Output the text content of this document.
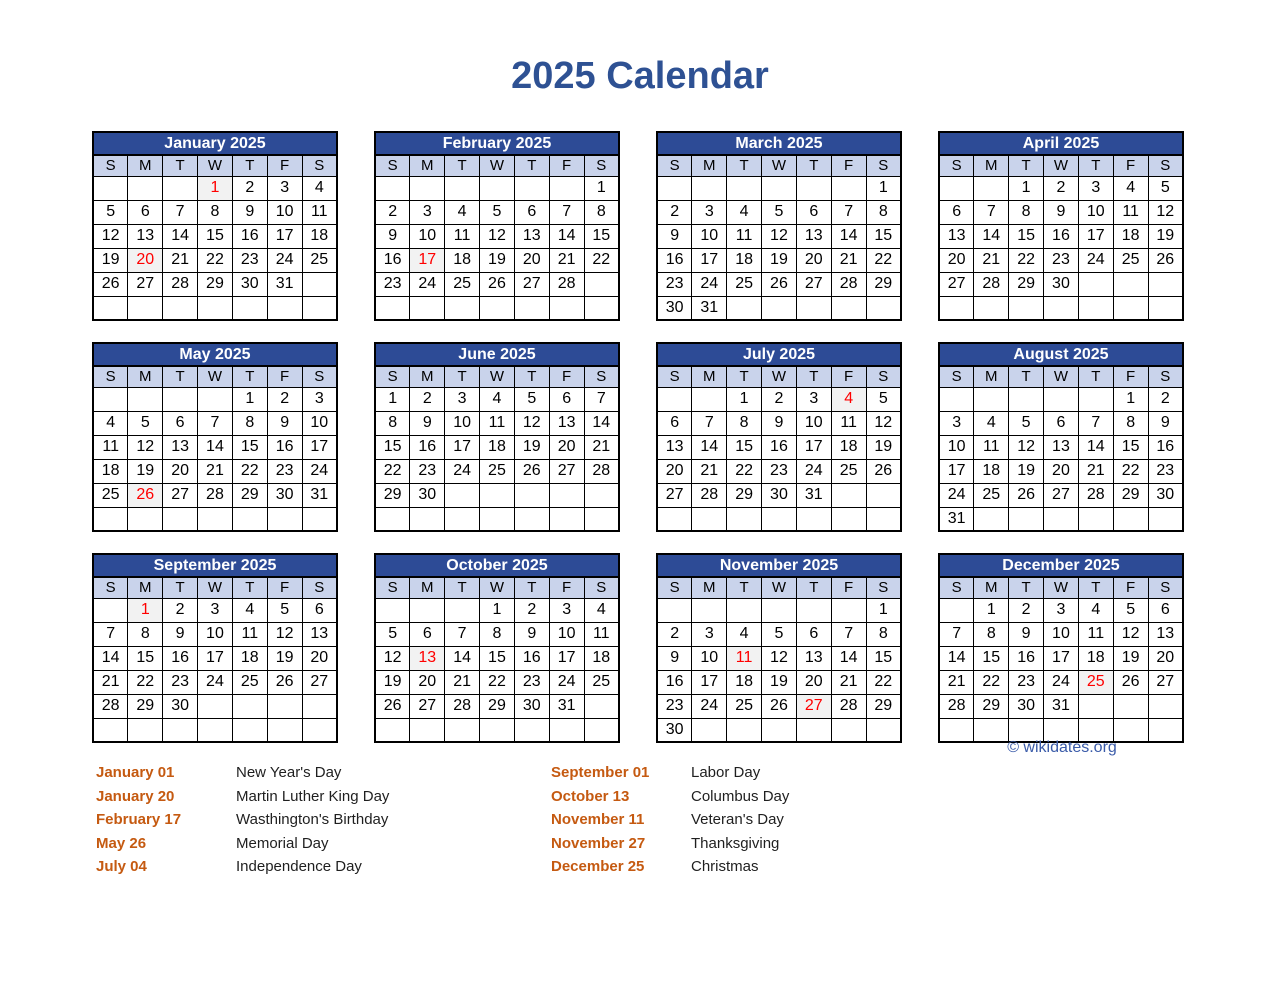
2025 Calendar
January 2025						
S	M	T	W	T	F	S
			1	2	3	4
5	6	7	8	9	10	11
12	13	14	15	16	17	18
19	20	21	22	23	24	25
26	27	28	29	30	31	

February 2025						
S	M	T	W	T	F	S
						1
2	3	4	5	6	7	8
9	10	11	12	13	14	15
16	17	18	19	20	21	22
23	24	25	26	27	28	

March 2025						
S	M	T	W	T	F	S
						1
2	3	4	5	6	7	8
9	10	11	12	13	14	15
16	17	18	19	20	21	22
23	24	25	26	27	28	29
30	31					
April 2025						
S	M	T	W	T	F	S
		1	2	3	4	5
6	7	8	9	10	11	12
13	14	15	16	17	18	19
20	21	22	23	24	25	26
27	28	29	30			

May 2025						
S	M	T	W	T	F	S
				1	2	3
4	5	6	7	8	9	10
11	12	13	14	15	16	17
18	19	20	21	22	23	24
25	26	27	28	29	30	31

June 2025						
S	M	T	W	T	F	S
1	2	3	4	5	6	7
8	9	10	11	12	13	14
15	16	17	18	19	20	21
22	23	24	25	26	27	28
29	30					

July 2025						
S	M	T	W	T	F	S
		1	2	3	4	5
6	7	8	9	10	11	12
13	14	15	16	17	18	19
20	21	22	23	24	25	26
27	28	29	30	31		

August 2025						
S	M	T	W	T	F	S
					1	2
3	4	5	6	7	8	9
10	11	12	13	14	15	16
17	18	19	20	21	22	23
24	25	26	27	28	29	30
31						
September 2025						
S	M	T	W	T	F	S
	1	2	3	4	5	6
7	8	9	10	11	12	13
14	15	16	17	18	19	20
21	22	23	24	25	26	27
28	29	30				

October 2025						
S	M	T	W	T	F	S
			1	2	3	4
5	6	7	8	9	10	11
12	13	14	15	16	17	18
19	20	21	22	23	24	25
26	27	28	29	30	31	

November 2025						
S	M	T	W	T	F	S
						1
2	3	4	5	6	7	8
9	10	11	12	13	14	15
16	17	18	19	20	21	22
23	24	25	26	27	28	29
30						
December 2025						
S	M	T	W	T	F	S
	1	2	3	4	5	6
7	8	9	10	11	12	13
14	15	16	17	18	19	20
21	22	23	24	25	26	27
28	29	30	31			

© wikidates.org
January 01	New Year's Day
January 20	Martin Luther King Day
February 17	Wasthington's Birthday
May 26	Memorial Day
July 04	Independence Day
September 01	Labor Day
October 13	Columbus Day
November 11	Veteran's Day
November 27	Thanksgiving
December 25	Christmas
